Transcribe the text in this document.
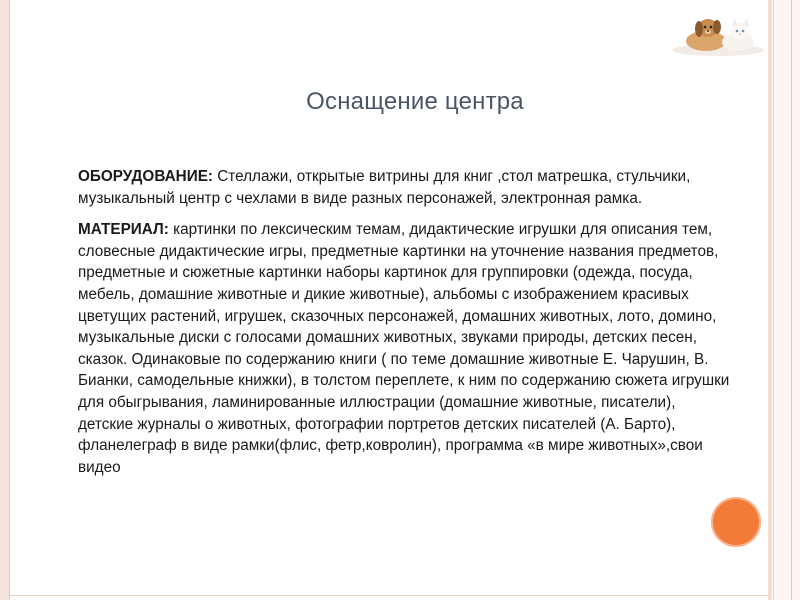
Оснащение центра

ОБОРУДОВАНИЕ: Стеллажи, открытые витрины для книг ,стол матрешка, стульчики, музыкальный центр с чехлами в виде разных персонажей, электронная рамка.

МАТЕРИАЛ: картинки по лексическим темам, дидактические игрушки для описания тем, словесные дидактические игры, предметные картинки на уточнение названия предметов, предметные и сюжетные картинки наборы картинок для группировки (одежда, посуда, мебель, домашние животные и дикие животные), альбомы с изображением красивых цветущих растений, игрушек, сказочных персонажей, домашних животных, лото, домино, музыкальные диски с голосами домашних животных, звуками природы, детских песен, сказок. Одинаковые по содержанию книги ( по теме домашние животные Е. Чарушин, В. Бианки, самодельные книжки), в толстом переплете, к ним по содержанию сюжета игрушки для обыгрывания, ламинированные иллюстрации (домашние животные, писатели), детские журналы о животных, фотографии портретов детских писателей (А. Барто), фланелеграф в виде рамки(флис, фетр,ковролин), программа «в мире животных»,свои видео
